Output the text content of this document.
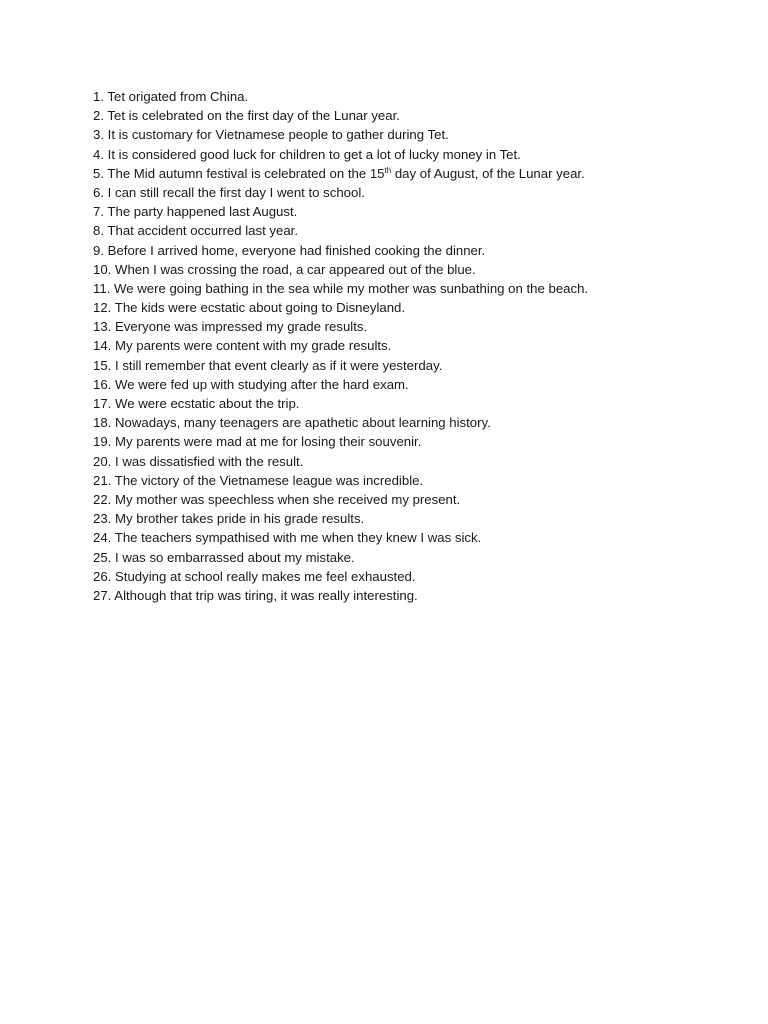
1. Tet origated from China.
2. Tet is celebrated on the first day of the Lunar year.
3. It is customary for Vietnamese people to gather during Tet.
4. It is considered good luck for children to get a lot of lucky money in Tet.
5. The Mid autumn festival is celebrated on the 15th day of August, of the Lunar year.
6. I can still recall the first day I went to school.
7. The party happened last August.
8. That accident occurred last year.
9. Before I arrived home, everyone had finished cooking the dinner.
10. When I was crossing the road, a car appeared out of the blue.
11. We were going bathing in the sea while my mother was sunbathing on the beach.
12. The kids were ecstatic about going to Disneyland.
13. Everyone was impressed my grade results.
14. My parents were content with my grade results.
15. I still remember that event clearly as if it were yesterday.
16. We were fed up with studying after the hard exam.
17. We were ecstatic about the trip.
18. Nowadays, many teenagers are apathetic about learning history.
19. My parents were mad at me for losing their souvenir.
20. I was dissatisfied with the result.
21. The victory of the Vietnamese league was incredible.
22. My mother was speechless when she received my present.
23. My brother takes pride in his grade results.
24. The teachers sympathised with me when they knew I was sick.
25. I was so embarrassed about my mistake.
26. Studying at school really makes me feel exhausted.
27. Although that trip was tiring, it was really interesting.
